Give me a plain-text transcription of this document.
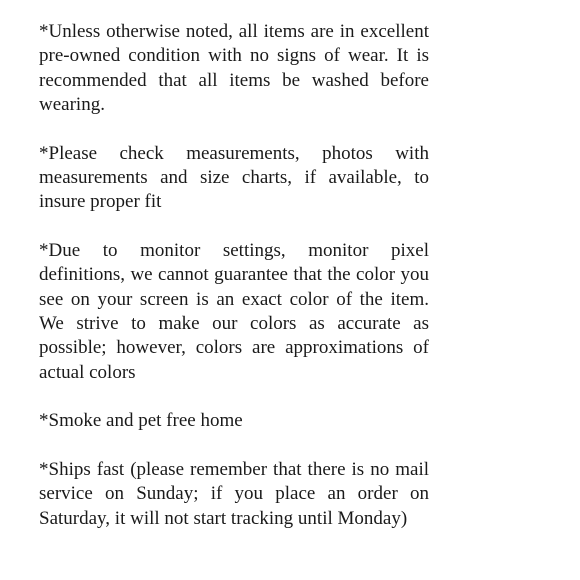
*Unless otherwise noted, all items are in excellent pre-owned condition with no signs of wear. It is recommended that all items be washed before wearing.

*Please check measurements, photos with measurements and size charts, if available, to insure proper fit

*Due to monitor settings, monitor pixel definitions, we cannot guarantee that the color you see on your screen is an exact color of the item. We strive to make our colors as accurate as possible; however, colors are approximations of actual colors

*Smoke and pet free home

*Ships fast (please remember that there is no mail service on Sunday; if you place an order on Saturday, it will not start tracking until Monday)
